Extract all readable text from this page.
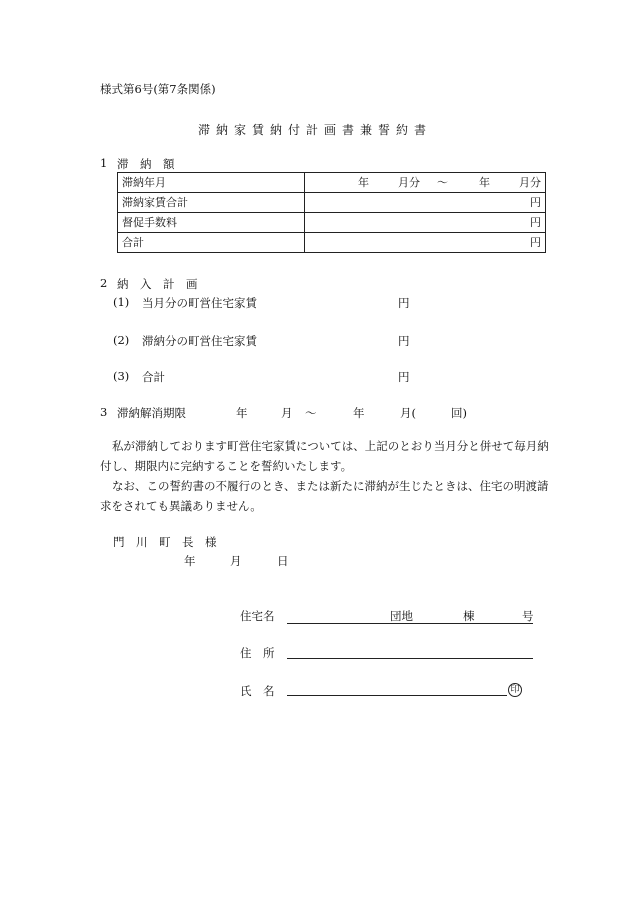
様式第6号(第7条関係)
滞納家賃納付計画書兼誓約書
1 滞　納　額
滞納年月	年 月分 〜 年 月分
滞納家賃合計	円
督促手数料	円
合計	円
2 納　入　計　画
(1) 当月分の町営住宅家賃	円
(2) 滞納分の町営住宅家賃	円
(3) 合計	円
3 滞納解消期限	年	月 〜	年	月(	回)
私が滞納しております町営住宅家賃については、上記のとおり当月分と併せて毎月納付し、期限内に完納することを誓約いたします。
なお、この誓約書の不履行のとき、または新たに滞納が生じたときは、住宅の明渡請求をされても異議ありません。
門　川　町　長　様
年	月	日
住宅名	団地	棟	号
住　所
氏　名	印
